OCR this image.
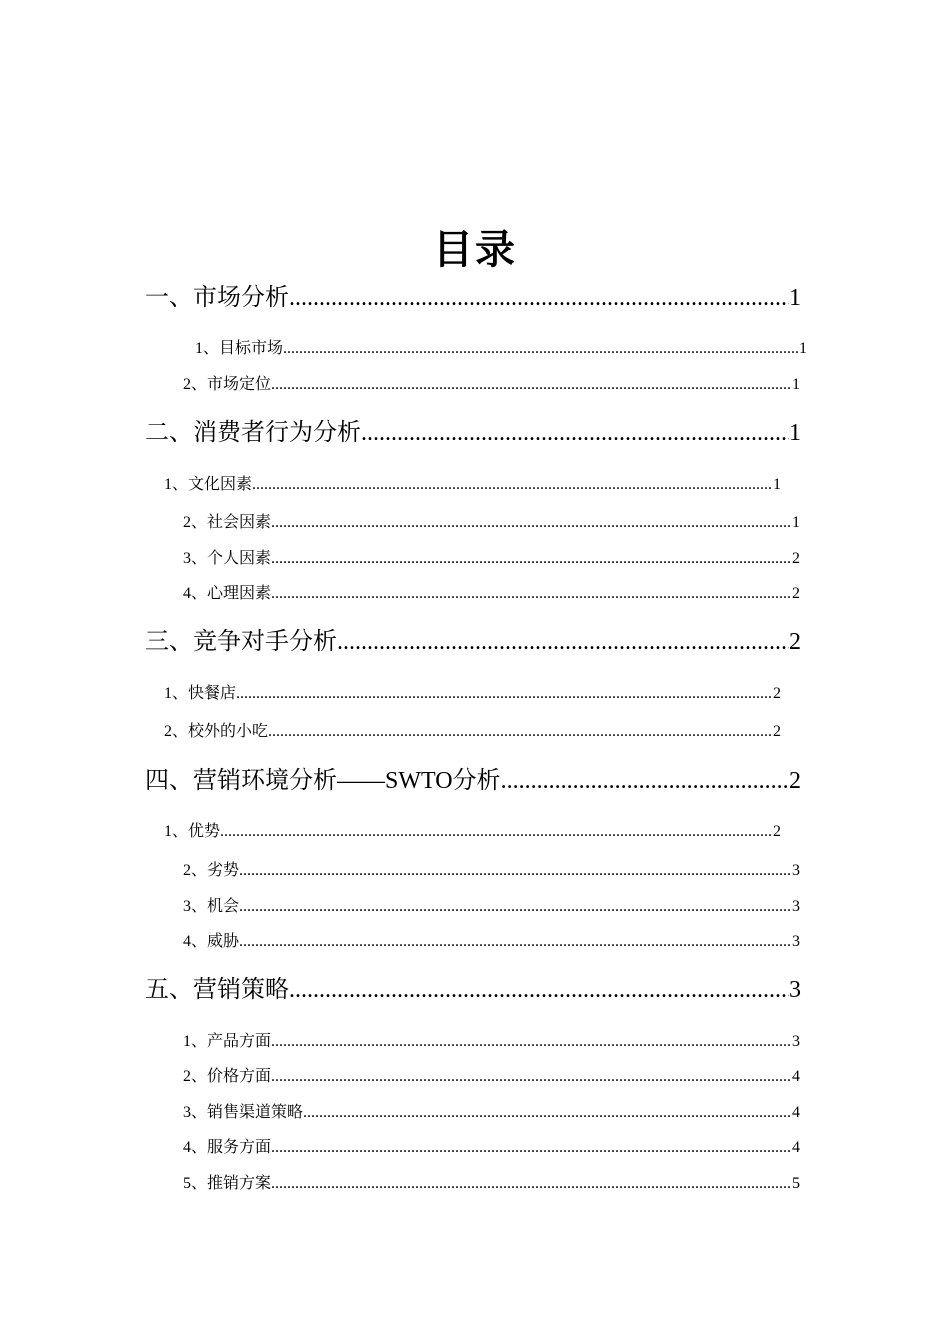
目录
一、市场分析 .....	1
1、目标市场 .....	1
2、市场定位 .....	1
二、消费者行为分析 .....	1
1、文化因素 .....	1
2、社会因素 .....	1
3、个人因素 .....	2
4、心理因素 .....	2
三、竞争对手分析 .....	2
1、快餐店 .....	2
2、校外的小吃 .....	2
四、营销环境分析——SWTO分析 .....	2
1、优势 .....	2
2、劣势 .....	3
3、机会 .....	3
4、威胁 .....	3
五、营销策略 .....	3
1、产品方面 .....	3
2、价格方面 .....	4
3、销售渠道策略 .....	4
4、服务方面 .....	4
5、推销方案 .....	5
